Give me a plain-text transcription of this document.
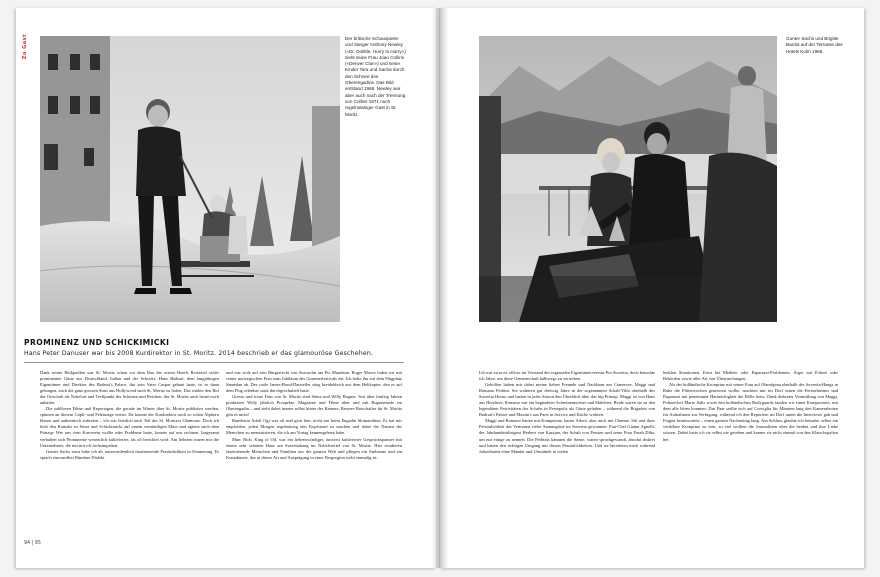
Zu Gast	Der britische Schauspieler und Sänger Anthony Newley («Dr. Dolittle, Hurry to Hurry») zieht seine Frau Joan Collins («Denver Clan») und seine Kinder Tara und Sacha durch den Schnee des Oberengadins. Das Bild entstand 1966. Newley war aber auch nach der Trennung von Collins 1971 noch regelmässiger Gast in St. Moritz.
Gunter Sachs und Brigitte Bardot auf der Terrasse des Hotels Kulm 1966.
PROMINENZ UND SCHICKIMICKI
Hans Peter Danuser war bis 2008 Kurdirektor in St. Moritz. 2014 beschrieb er das glamouröse Geschehen.

Dank seiner Heilquellen war St. Moritz schon vor dem Bau des ersten Hotels Reiseziel vieler prominenter Gäste aus Deutschland, Italien und der Schweiz. Hans Badrutt, dem langjährigen Eigentümer und Direktor des Badrutt's Palace, das sein Vater Caspar gebaut hatte, ist es dann gelungen, auch die ganz grossen Stars aus Hollywood nach St. Moritz zu holen. Das stärkte den Ruf der Ortschaft als Nobelort und Treffpunkt der Schönen und Reichen, der St. Moritz auch heute noch anhaftet.

Die zahllosen Filme und Reportagen, die gerade im Winter über St. Moritz publiziert werden, spinnen an diesem Cüpli- und Pelzimage weiter. Da konnte der Kurdirektor noch so schön Alphorn blasen und authentisch auftreten – ich war letztlich auch Teil des St. Moritzer Glamours. Doch ich hielt den Kontakt zu Jetset und Schickimicki auf einem vernünftigen Mass und agierte nach dem Prinzip: Wer uns vom Kurverein wollte oder Probleme hatte, konnte auf uns rechnen. Insgesamt verhalten sich Prominente wesentlich kultivierter, als oft berichtet wird. Am liebsten waren mir die Unternehmer, die mit mir oft fachsimpelten.

Gunter Sachs etwa habe ich als ausserordentlich faszinierende Persönlichkeit in Erinnerung. Er sprach einwandfrei Bündner Dialekt

und war stolz auf sein Bürgerrecht von Surcuolm am Piz Mundaun. Roger Moore luden wir mit seiner norwegischen Frau zum Jubiläum des Gourmetfestivals ein. Ich holte ihn auf dem Flugplatz Samedan ab. Der coole James-Bond-Darsteller stieg kreidebleich aus dem Helikopter, den es auf dem Flug offenbar stark durchgeschüttelt hatte.

Grosse und treue Fans von St. Moritz sind Sônia und Willy Bogner. Seit über fünfzig Jahren produziert Willy jährlich Prospekte, Magazine und Filme über und mit Bognermode im Oberengadin – und steht dabei immer selbst hinter der Kamera. Bessere Botschafter für St. Moritz gibt es nicht!

Bundesrat Adolf Ogi war oft und gern hier, nicht nur beim Engadin Skimarathon. Er hat mir empfohlen, jeden Morgen regelmässig den Kopfstand zu machen und dabei die Namen der Menschen zu memorisieren, die ich am Vortag kennengelernt habe.

Marc Rich, King of Oil, war ein liebenswürdiger, äusserst kultivierter Gesprächspartner mit einem sehr schönen Haus am Suvrettahang im Nobelviertel von St. Moritz. Hier residieren faszinierende Menschen und Familien aus der ganzen Welt und pflegen ein Ambiente und ein Kontaktnetz, das in dieser Art und Ausprägung in einer Bergregion wohl einmalig ist.

Ich war zwar ex officio im Vorstand des regionalen Eigentümervereins Pro Suvretta, doch brauchte ich Jahre, um diese Gemeinschaft halbwegs zu verstehen.

Geholfen haben mir dabei meine lieben Freunde und Nachbarn am Comersee, Maggi und Romano Pedrini. Sie wohnten gut dreissig Jahre in der sogenannten Schah-Villa oberhalb des Suvretta House und hatten in jeder Saison den Überblick über das hip Prinzip. Maggi ist von Haus aus Hoteliere, Romano war ein begnadeter Schreinermeister und Skilehrer. Beide waren sie zu den legendären Festivitäten des Schahs in Persepolis als Gäste geladen – während die Brigaden von Badrutt's Palace und Maxim's aus Paris in Service und Küche wirkten.

Maggi und Romano hatten mit Kompetenz, harter Arbeit, aber auch mit Charme, Stil und ihrer Persönlichkeit das Vertrauen vieler Stammgäste im Suvretta gewonnen: Fiat-Chef Gianni Agnelli, der Jahrhundertdirigent Herbert von Karajan, der Schah von Persien und seine Frau Farah Diba, um nur einige zu nennen. Die Pedrinis kannten die Szene, waren sprachgewandt, absolut diskret und hatten den richtigen Umgang mit diesen Persönlichkeiten. Und sie bereiteten mich während Jahrzehnten ohne Mandat und Umstände in vielen

heiklen Situationen. Etwa bei Medien- oder Paparazzi-Problemen, Ärger mit Polizei oder Behörden sowie aller Art von Überraschungen.

Als der holländische Kronprinz mit seiner Frau auf Oberalpina oberhalb des Suvretta-Hangs in Ruhe die Flitterwochen geniessen wollte, machten mir im Dorf unten die Fernsehteams und Paparazzi mit penetranter Hartnäckigkeit die Hölle heiss. Dank diskreter Vermittlung von Maggi, Polizeichef Mario Salis sowie den holländischen Bodyguards fanden wir einen Kompromiss, mit dem alle leben konnten: Das Paar stellte sich auf Corviglia für Minuten lang den Kameraleuten für Aufnahmen zur Verfügung, während ich den Reportern im Dorf unten die Interviews gab und Fragen beantwortete – einen ganzen Nachmittag lang. Am Schluss glaubte ich beinahe, selbst ein verliebter Kronprinz zu sein, so viel wollten die Journalisten über die beiden und ihre Liebe wissen. Dabei hatte ich sie selbst nie gesehen und kannte sie nicht einmal von den Klatschspalten her.

94 | 95
